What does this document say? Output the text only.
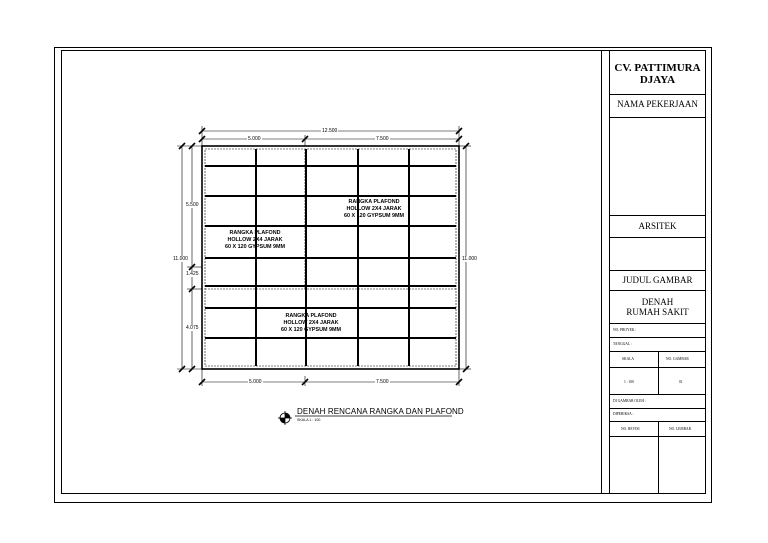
CV. PATTIMURA
DJAYA
NAMA PEKERJAAN
ARSITEK
JUDUL GAMBAR
DENAH
RUMAH SAKIT
NO. PROYEK :
TANGGAL :
SKALA	NO. GAMBAR
1 : 100	01
DI GAMBAR OLEH :
DIPERIKSA :
NO. REVISI	NO. LEMBAR
12.500
5.000	7.500
5.000	7.500
5.500
1.425
4.075
11.000	11.000
RANGKA PLAFOND
HOLLOW 2X4 JARAK
60 X 120 GYPSUM 9MM
RANGKA PLAFOND
HOLLOW 2X4 JARAK
60 X 120 GYPSUM 9MM
RANGKA PLAFOND
HOLLOW 2X4 JARAK
60 X 120 GYPSUM 9MM
DENAH RENCANA RANGKA DAN PLAFOND
SKALA 1 : 100
